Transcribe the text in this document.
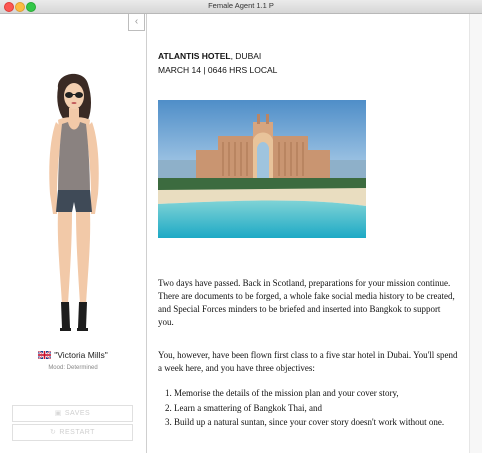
Female Agent 1.1 P
‹
"Victoria Mills"
Mood: Determined
▣ SAVES
↻ RESTART
ATLANTIS HOTEL, DUBAI
MARCH 14 | 0646 HRS LOCAL
Two days have passed. Back in Scotland, preparations for your mission continue. There are documents to be forged, a whole fake social media history to be created, and Special Forces minders to be briefed and inserted into Bangkok to support you.
You, however, have been flown first class to a five star hotel in Dubai. You'll spend a week here, and you have three objectives:
1. Memorise the details of the mission plan and your cover story,
2. Learn a smattering of Bangkok Thai, and
3. Build up a natural suntan, since your cover story doesn't work without one.
